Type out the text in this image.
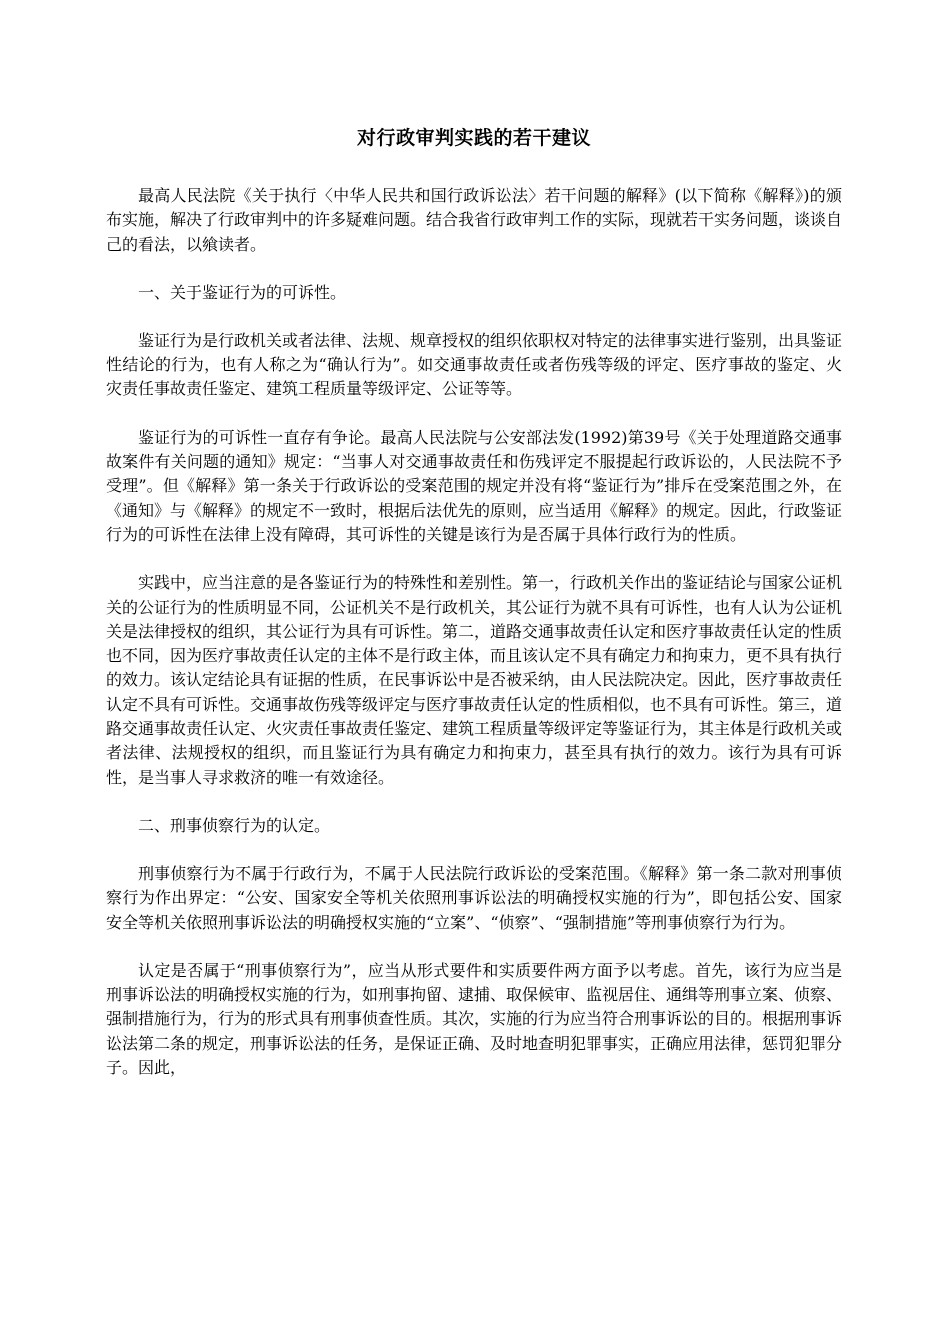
对行政审判实践的若干建议

最高人民法院《关于执行〈中华人民共和国行政诉讼法〉若干问题的解释》(以下简称《解释》)的颁布实施，解决了行政审判中的许多疑难问题。结合我省行政审判工作的实际，现就若干实务问题，谈谈自己的看法，以飨读者。

一、关于鉴证行为的可诉性。

鉴证行为是行政机关或者法律、法规、规章授权的组织依职权对特定的法律事实进行鉴别，出具鉴证性结论的行为，也有人称之为“确认行为”。如交通事故责任或者伤残等级的评定、医疗事故的鉴定、火灾责任事故责任鉴定、建筑工程质量等级评定、公证等等。

鉴证行为的可诉性一直存有争论。最高人民法院与公安部法发(1992)第39号《关于处理道路交通事故案件有关问题的通知》规定：“当事人对交通事故责任和伤残评定不服提起行政诉讼的，人民法院不予受理”。但《解释》第一条关于行政诉讼的受案范围的规定并没有将“鉴证行为”排斥在受案范围之外，在《通知》与《解释》的规定不一致时，根据后法优先的原则，应当适用《解释》的规定。因此，行政鉴证行为的可诉性在法律上没有障碍，其可诉性的关键是该行为是否属于具体行政行为的性质。

实践中，应当注意的是各鉴证行为的特殊性和差别性。第一，行政机关作出的鉴证结论与国家公证机关的公证行为的性质明显不同，公证机关不是行政机关，其公证行为就不具有可诉性，也有人认为公证机关是法律授权的组织，其公证行为具有可诉性。第二，道路交通事故责任认定和医疗事故责任认定的性质也不同，因为医疗事故责任认定的主体不是行政主体，而且该认定不具有确定力和拘束力，更不具有执行的效力。该认定结论具有证据的性质，在民事诉讼中是否被采纳，由人民法院决定。因此，医疗事故责任认定不具有可诉性。交通事故伤残等级评定与医疗事故责任认定的性质相似，也不具有可诉性。第三，道路交通事故责任认定、火灾责任事故责任鉴定、建筑工程质量等级评定等鉴证行为，其主体是行政机关或者法律、法规授权的组织，而且鉴证行为具有确定力和拘束力，甚至具有执行的效力。该行为具有可诉性，是当事人寻求救济的唯一有效途径。

二、刑事侦察行为的认定。

刑事侦察行为不属于行政行为，不属于人民法院行政诉讼的受案范围。《解释》第一条二款对刑事侦察行为作出界定：“公安、国家安全等机关依照刑事诉讼法的明确授权实施的行为”，即包括公安、国家安全等机关依照刑事诉讼法的明确授权实施的“立案”、“侦察”、“强制措施”等刑事侦察行为行为。

认定是否属于“刑事侦察行为”，应当从形式要件和实质要件两方面予以考虑。首先，该行为应当是刑事诉讼法的明确授权实施的行为，如刑事拘留、逮捕、取保候审、监视居住、通缉等刑事立案、侦察、强制措施行为，行为的形式具有刑事侦查性质。其次，实施的行为应当符合刑事诉讼的目的。根据刑事诉讼法第二条的规定，刑事诉讼法的任务，是保证正确、及时地查明犯罪事实，正确应用法律，惩罚犯罪分子。因此，
